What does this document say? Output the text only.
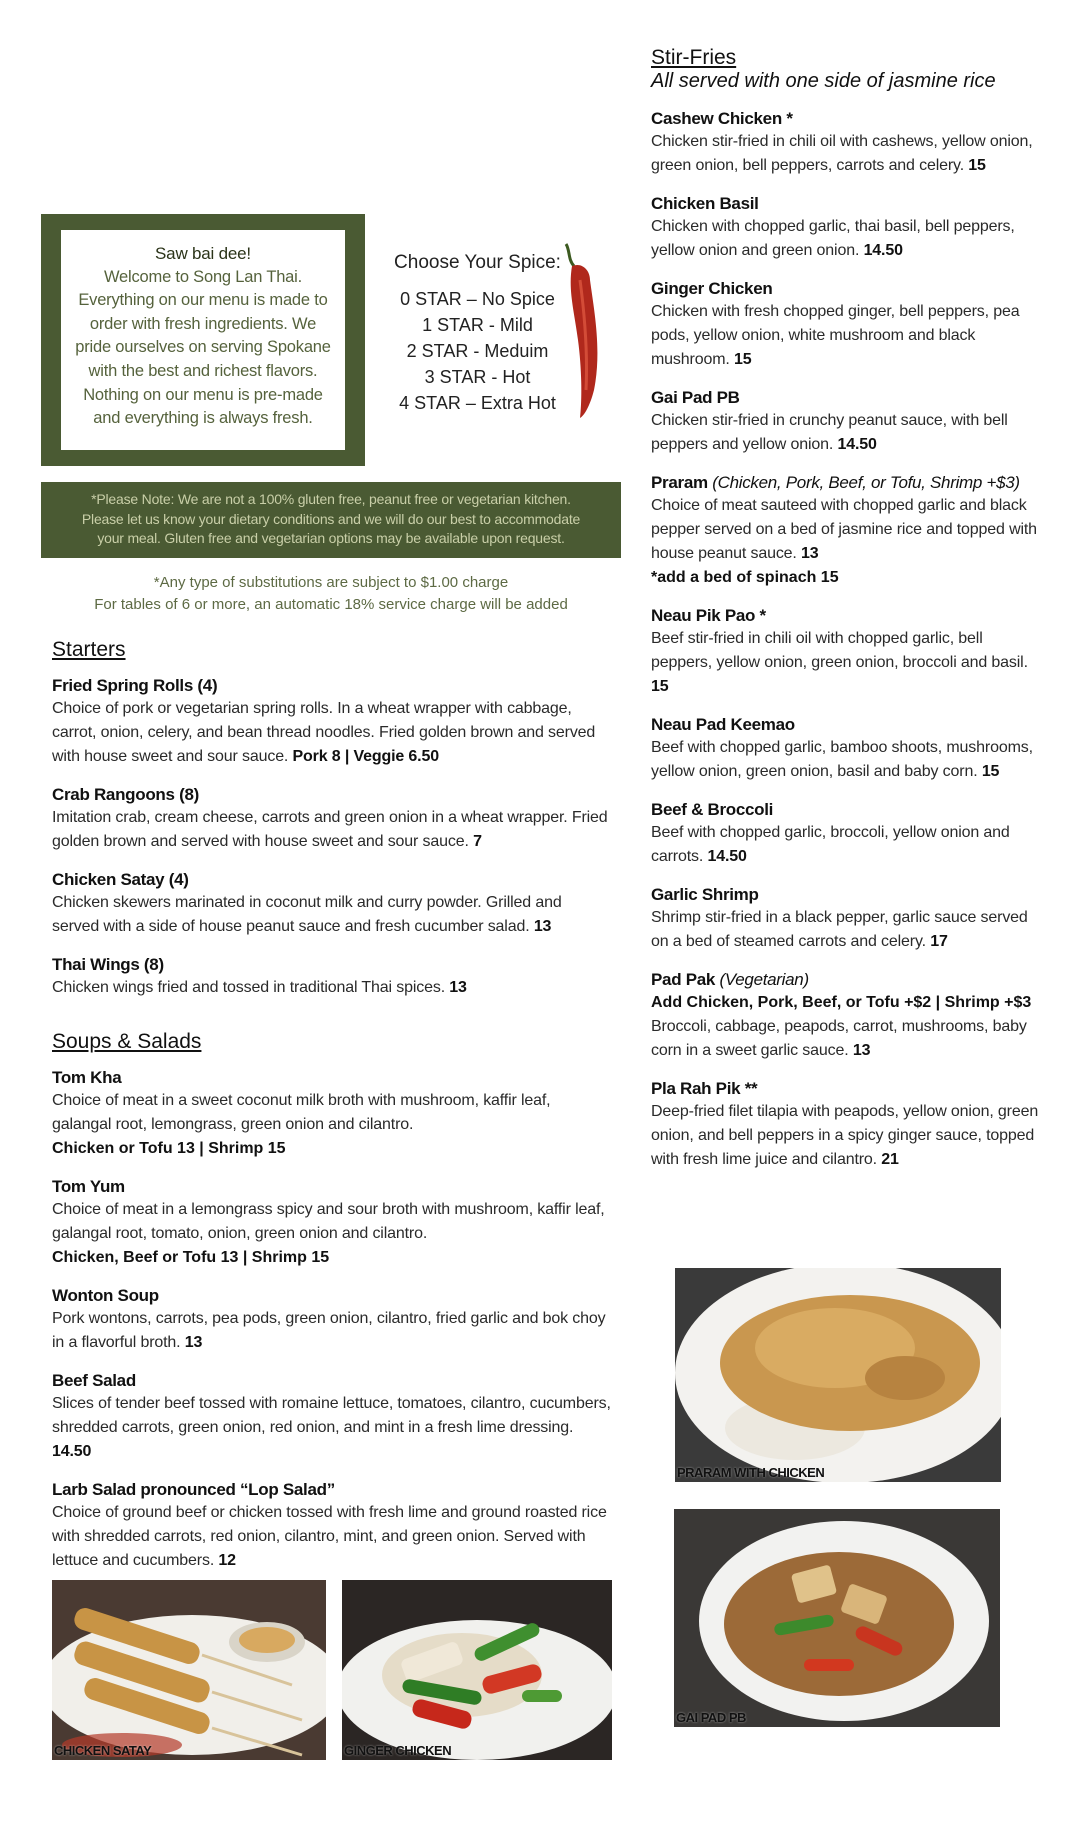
Saw bai dee!
Welcome to Song Lan Thai.
Everything on our menu is made to
order with fresh ingredients. We
pride ourselves on serving Spokane
with the best and richest flavors.
Nothing on our menu is pre-made
and everything is always fresh.
Choose Your Spice:
0 STAR – No Spice
1 STAR - Mild
2 STAR - Meduim
3 STAR - Hot
4 STAR – Extra Hot
*Please Note: We are not a 100% gluten free, peanut free or vegetarian kitchen.
Please let us know your dietary conditions and we will do our best to accommodate
your meal. Gluten free and vegetarian options may be available upon request.
*Any type of substitutions are subject to $1.00 charge
For tables of 6 or more, an automatic 18% service charge will be added
Starters
Fried Spring Rolls (4)
Choice of pork or vegetarian spring rolls. In a wheat wrapper with cabbage, carrot, onion, celery, and bean thread noodles. Fried golden brown and served with house sweet and sour sauce. Pork 8 | Veggie 6.50
Crab Rangoons (8)
Imitation crab, cream cheese, carrots and green onion in a wheat wrapper. Fried golden brown and served with house sweet and sour sauce. 7
Chicken Satay (4)
Chicken skewers marinated in coconut milk and curry powder. Grilled and served with a side of house peanut sauce and fresh cucumber salad. 13
Thai Wings (8)
Chicken wings fried and tossed in traditional Thai spices. 13
Soups & Salads
Tom Kha
Choice of meat in a sweet coconut milk broth with mushroom, kaffir leaf, galangal root, lemongrass, green onion and cilantro.
Chicken or Tofu 13 | Shrimp 15
Tom Yum
Choice of meat in a lemongrass spicy and sour broth with mushroom, kaffir leaf, galangal root, tomato, onion, green onion and cilantro.
Chicken, Beef or Tofu 13 | Shrimp 15
Wonton Soup
Pork wontons, carrots, pea pods, green onion, cilantro, fried garlic and bok choy in a flavorful broth. 13
Beef Salad
Slices of tender beef tossed with romaine lettuce, tomatoes, cilantro, cucumbers, shredded carrots, green onion, red onion, and mint in a fresh lime dressing. 14.50
Larb Salad pronounced “Lop Salad”
Choice of ground beef or chicken tossed with fresh lime and ground roasted rice with shredded carrots, red onion, cilantro, mint, and green onion. Served with lettuce and cucumbers. 12
Stir-Fries
All served with one side of jasmine rice
Cashew Chicken *
Chicken stir-fried in chili oil with cashews, yellow onion, green onion, bell peppers, carrots and celery. 15
Chicken Basil
Chicken with chopped garlic, thai basil, bell peppers, yellow onion and green onion. 14.50
Ginger Chicken
Chicken with fresh chopped ginger, bell peppers, pea pods, yellow onion, white mushroom and black mushroom. 15
Gai Pad PB
Chicken stir-fried in crunchy peanut sauce, with bell peppers and yellow onion. 14.50
Praram (Chicken, Pork, Beef, or Tofu, Shrimp +$3)
Choice of meat sauteed with chopped garlic and black pepper served on a bed of jasmine rice and topped with house peanut sauce. 13
*add a bed of spinach 15
Neau Pik Pao *
Beef stir-fried in chili oil with chopped garlic, bell peppers, yellow onion, green onion, broccoli and basil. 15
Neau Pad Keemao
Beef with chopped garlic, bamboo shoots, mushrooms, yellow onion, green onion, basil and baby corn. 15
Beef & Broccoli
Beef with chopped garlic, broccoli, yellow onion and carrots. 14.50
Garlic Shrimp
Shrimp stir-fried in a black pepper, garlic sauce served on a bed of steamed carrots and celery. 17
Pad Pak (Vegetarian)
Add Chicken, Pork, Beef, or Tofu +$2 | Shrimp +$3
Broccoli, cabbage, peapods, carrot, mushrooms, baby corn in a sweet garlic sauce. 13
Pla Rah Pik **
Deep-fried filet tilapia with peapods, yellow onion, green onion, and bell peppers in a spicy ginger sauce, topped with fresh lime juice and cilantro. 21
CHICKEN SATAY	GINGER CHICKEN
PRARAM WITH CHICKEN
GAI PAD PB
